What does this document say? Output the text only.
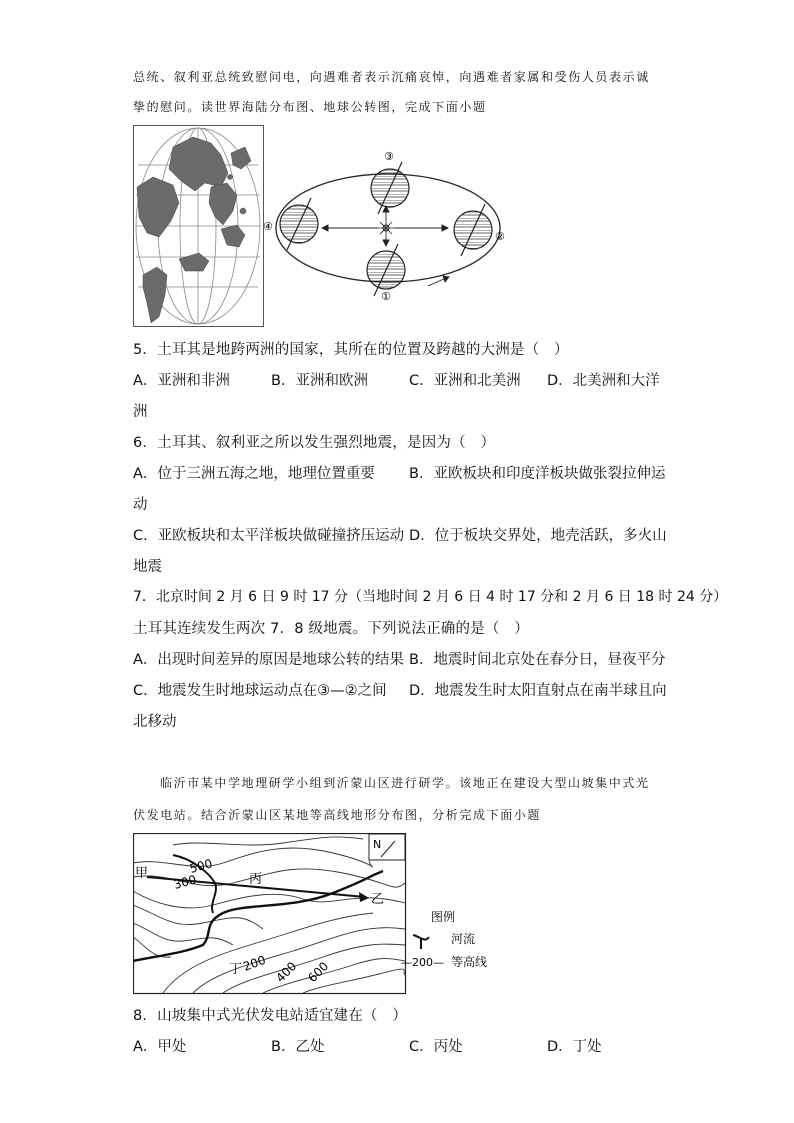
总统、叙利亚总统致慰问电，向遇难者表示沉痛哀悼，向遇难者家属和受伤人员表示诚
挚的慰问。读世界海陆分布图、地球公转图，完成下面小题
①
②
③
④
5．土耳其是地跨两洲的国家，其所在的位置及跨越的大洲是（　）
A．亚洲和非洲	B．亚洲和欧洲	C．亚洲和北美洲 D．北美洲和大洋
洲
6．土耳其、叙利亚之所以发生强烈地震，是因为（　）
A．位于三洲五海之地，地理位置重要 B．亚欧板块和印度洋板块做张裂拉伸运
动
C．亚欧板块和太平洋板块做碰撞挤压运动 D．位于板块交界处，地壳活跃，多火山
地震
7．北京时间 2 月 6 日 9 时 17 分（当地时间 2 月 6 日 4 时 17 分和 2 月 6 日 18 时 24 分）
土耳其连续发生两次 7．8 级地震。下列说法正确的是（　）
A．出现时间差异的原因是地球公转的结果 B．地震时间北京处在春分日，昼夜平分
C．地震发生时地球运动点在③—②之间 D．地震发生时太阳直射点在南半球且向
北移动
临沂市某中学地理研学小组到沂蒙山区进行研学。该地正在建设大型山坡集中式光
伏发电站。结合沂蒙山区某地等高线地形分布图，分析完成下面小题
N
甲
乙
丙
丁
500
300
200 400 600
图例
河流
—200— 等高线
8．山坡集中式光伏发电站适宜建在（　）
A．甲处	B．乙处	C．丙处	D．丁处
